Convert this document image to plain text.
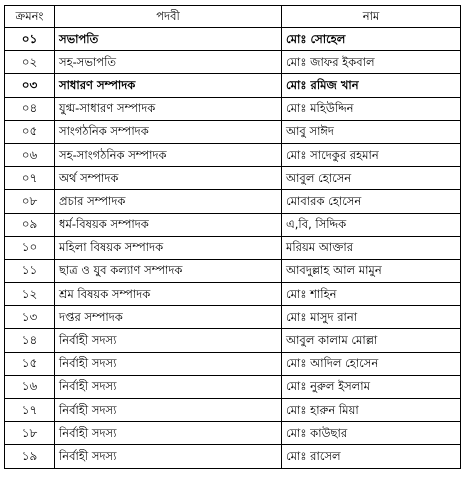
ক্রমনং	পদবী	নাম
০১	সভাপতি	মোঃ সোহেল
০২	সহ-সভাপতি	মোঃ জাফর ইকবাল
০৩	সাধারণ সম্পাদক	মোঃ রমিজ খান
০৪	যুগ্ম-সাধারণ সম্পাদক	মোঃ মহিউদ্দিন
০৫	সাংগঠনিক সম্পাদক	আবু সাঈদ
০৬	সহ-সাংগঠনিক সম্পাদক	মোঃ সাদেকুর রহমান
০৭	অর্থ সম্পাদক	আবুল হোসেন
০৮	প্রচার সম্পাদক	মোবারক হোসেন
০৯	ধর্ম-বিষয়ক সম্পাদক	এ,বি, সিদ্দিক
১০	মহিলা বিষয়ক সম্পাদক	মরিয়ম আক্তার
১১	ছাত্র ও যুব কল্যাণ সম্পাদক	আবদুল্লাহ আল মামুন
১২	শ্রম বিষয়ক সম্পাদক	মোঃ শাহিন
১৩	দপ্তর সম্পাদক	মোঃ মাসুদ রানা
১৪	নির্বাহী সদস্য	আবুল কালাম মোল্লা
১৫	নির্বাহী সদস্য	মোঃ আদিল হোসেন
১৬	নির্বাহী সদস্য	মোঃ নুরুল ইসলাম
১৭	নির্বাহী সদস্য	মোঃ হারুন মিয়া
১৮	নির্বাহী সদস্য	মোঃ কাউছার
১৯	নির্বাহী সদস্য	মোঃ রাসেল
